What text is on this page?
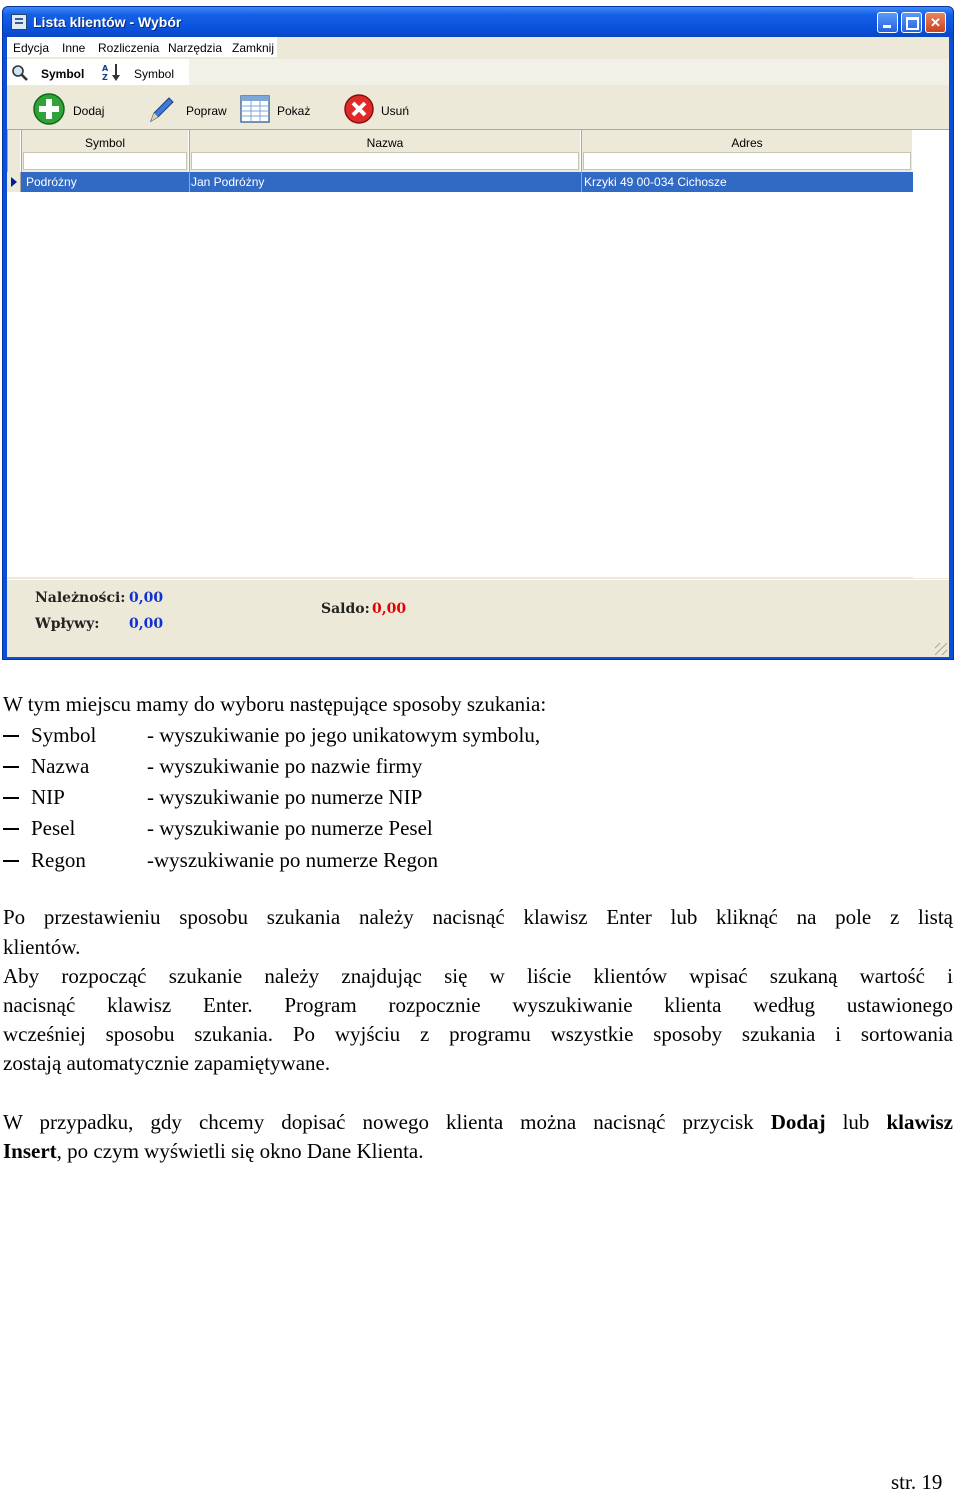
Lista klientów - Wybór	✕
Edycja Inne Rozliczenia Narzędzia Zamknij
Symbol A
Z Symbol
Dodaj	Popraw	Pokaż	Usuń
Symbol	Nazwa	Adres
Podróżny	Jan Podróżny	Krzyki 49 00-034 Cichosze
Należności: 0,00
Wpływy: 0,00
Saldo: 0,00
W tym miejscu mamy do wyboru następujące sposoby szukania:
Symbol - wyszukiwanie po jego unikatowym symbolu,
Nazwa	- wyszukiwanie po nazwie firmy
NIP	- wyszukiwanie po numerze NIP
Pesel	- wyszukiwanie po numerze Pesel
Regon	-wyszukiwanie po numerze Regon
Po przestawieniu sposobu szukania należy nacisnąć klawisz Enter lub kliknąć na pole z listą
klientów.
Aby rozpocząć szukanie należy znajdując się w liście klientów wpisać szukaną wartość i
nacisnąć klawisz Enter. Program rozpocznie wyszukiwanie klienta według ustawionego
wcześniej sposobu szukania. Po wyjściu z programu wszystkie sposoby szukania i sortowania
zostają automatycznie zapamiętywane.
W przypadku, gdy chcemy dopisać nowego klienta można nacisnąć przycisk Dodaj lub klawisz
Insert, po czym wyświetli się okno Dane Klienta.
str. 19
